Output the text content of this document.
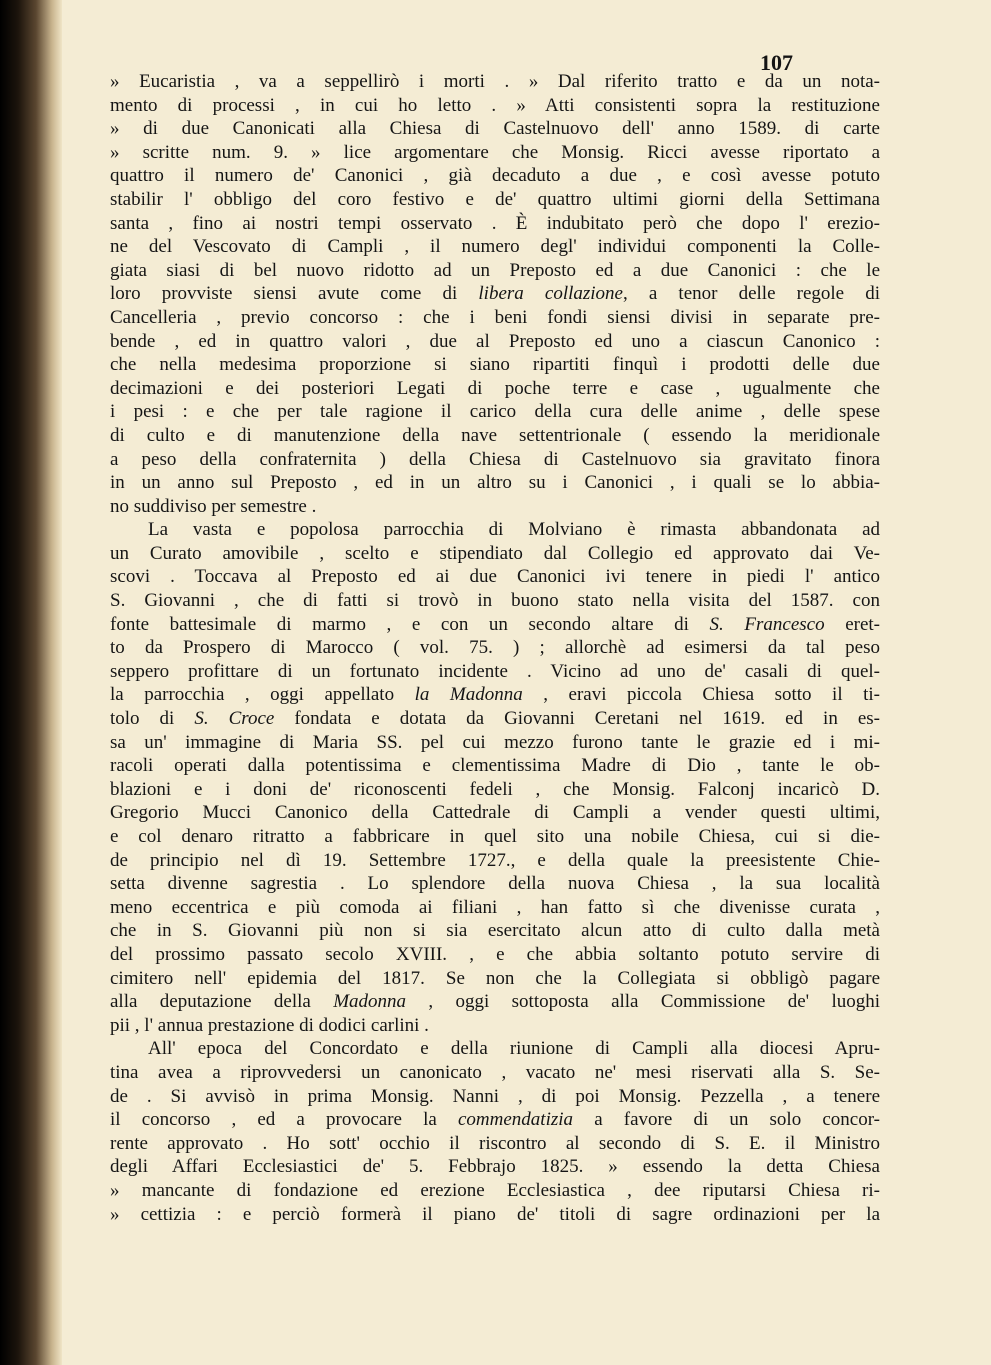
107
» Eucaristia , va a seppellirò i morti . » Dal riferito tratto e da un nota-
mento di processi , in cui ho letto . » Atti consistenti sopra la restituzione
» di due Canonicati alla Chiesa di Castelnuovo dell' anno 1589. di carte
» scritte num. 9. » lice argomentare che Monsig. Ricci avesse riportato a
quattro il numero de' Canonici , già decaduto a due , e così avesse potuto
stabilir l' obbligo del coro festivo e de' quattro ultimi giorni della Settimana
santa , fino ai nostri tempi osservato . È indubitato però che dopo l' erezio-
ne del Vescovato di Campli , il numero degl' individui componenti la Colle-
giata siasi di bel nuovo ridotto ad un Preposto ed a due Canonici : che le
loro provviste siensi avute come di libera collazione, a tenor delle regole di
Cancelleria , previo concorso : che i beni fondi siensi divisi in separate pre-
bende , ed in quattro valori , due al Preposto ed uno a ciascun Canonico :
che nella medesima proporzione si siano ripartiti finquì i prodotti delle due
decimazioni e dei posteriori Legati di poche terre e case , ugualmente che
i pesi : e che per tale ragione il carico della cura delle anime , delle spese
di culto e di manutenzione della nave settentrionale ( essendo la meridionale
a peso della confraternita ) della Chiesa di Castelnuovo sia gravitato finora
in un anno sul Preposto , ed in un altro su i Canonici , i quali se lo abbia-
no suddiviso per semestre .
La vasta e popolosa parrocchia di Molviano è rimasta abbandonata ad
un Curato amovibile , scelto e stipendiato dal Collegio ed approvato dai Ve-
scovi . Toccava al Preposto ed ai due Canonici ivi tenere in piedi l' antico
S. Giovanni , che di fatti si trovò in buono stato nella visita del 1587. con
fonte battesimale di marmo , e con un secondo altare di S. Francesco eret-
to da Prospero di Marocco ( vol. 75. ) ; allorchè ad esimersi da tal peso
seppero profittare di un fortunato incidente . Vicino ad uno de' casali di quel-
la parrocchia , oggi appellato la Madonna , eravi piccola Chiesa sotto il ti-
tolo di S. Croce fondata e dotata da Giovanni Ceretani nel 1619. ed in es-
sa un' immagine di Maria SS. pel cui mezzo furono tante le grazie ed i mi-
racoli operati dalla potentissima e clementissima Madre di Dio , tante le ob-
blazioni e i doni de' riconoscenti fedeli , che Monsig. Falconj incaricò D.
Gregorio Mucci Canonico della Cattedrale di Campli a vender questi ultimi,
e col denaro ritratto a fabbricare in quel sito una nobile Chiesa, cui si die-
de principio nel dì 19. Settembre 1727., e della quale la preesistente Chie-
setta divenne sagrestia . Lo splendore della nuova Chiesa , la sua località
meno eccentrica e più comoda ai filiani , han fatto sì che divenisse curata ,
che in S. Giovanni più non si sia esercitato alcun atto di culto dalla metà
del prossimo passato secolo XVIII. , e che abbia soltanto potuto servire di
cimitero nell' epidemia del 1817. Se non che la Collegiata si obbligò pagare
alla deputazione della Madonna , oggi sottoposta alla Commissione de' luoghi
pii , l' annua prestazione di dodici carlini .
All' epoca del Concordato e della riunione di Campli alla diocesi Apru-
tina avea a riprovvedersi un canonicato , vacato ne' mesi riservati alla S. Se-
de . Si avvisò in prima Monsig. Nanni , di poi Monsig. Pezzella , a tenere
il concorso , ed a provocare la commendatizia a favore di un solo concor-
rente approvato . Ho sott' occhio il riscontro al secondo di S. E. il Ministro
degli Affari Ecclesiastici de' 5. Febbrajo 1825. » essendo la detta Chiesa
» mancante di fondazione ed erezione Ecclesiastica , dee riputarsi Chiesa ri-
» cettizia : e perciò formerà il piano de' titoli di sagre ordinazioni per la
